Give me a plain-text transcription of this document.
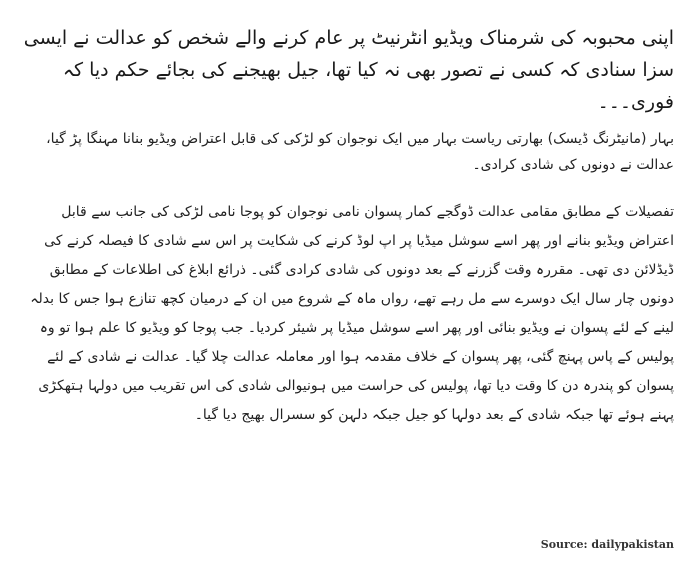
اپنی محبوبہ کی شرمناک ویڈیو انٹرنیٹ پر عام کرنے والے شخص کو عدالت نے ایسی سزا سنادی کہ کسی نے تصور بھی نہ کیا تھا، جیل بھیجنے کی بجائے حکم دیا کہ فوری۔۔۔

بہار (مانیٹرنگ ڈیسک) بھارتی ریاست بہار میں ایک نوجوان کو لڑکی کی قابل اعتراض ویڈیو بنانا مہنگا پڑ گیا، عدالت نے دونوں کی شادی کرادی۔

تفصیلات کے مطابق مقامی عدالت ڈوگجے کمار پسوان نامی نوجوان کو پوجا نامی لڑکی کی جانب سے قابل اعتراض ویڈیو بنانے اور پھر اسے سوشل میڈیا پر اپ لوڈ کرنے کی شکایت پر اس سے شادی کا فیصلہ کرنے کی ڈیڈلائن دی تھی۔ مقررہ وقت گزرنے کے بعد دونوں کی شادی کرادی گئی۔ ذرائع ابلاغ کی اطلاعات کے مطابق دونوں چار سال ایک دوسرے سے مل رہے تھے، رواں ماہ کے شروع میں ان کے درمیان کچھ تنازع ہوا جس کا بدلہ لینے کے لئے پسوان نے ویڈیو بنائی اور پھر اسے سوشل میڈیا پر شیئر کردیا۔ جب پوجا کو ویڈیو کا علم ہوا تو وہ پولیس کے پاس پہنچ گئی، پھر پسوان کے خلاف مقدمہ ہوا اور معاملہ عدالت چلا گیا۔ عدالت نے شادی کے لئے پسوان کو پندرہ دن کا وقت دیا تھا، پولیس کی حراست میں ہونیوالی شادی کی اس تقریب میں دولہا ہتھکڑی پہنے ہوئے تھا جبکہ شادی کے بعد دولہا کو جیل جبکہ دلہن کو سسرال بھیج دیا گیا۔

Source: dailypakistan
